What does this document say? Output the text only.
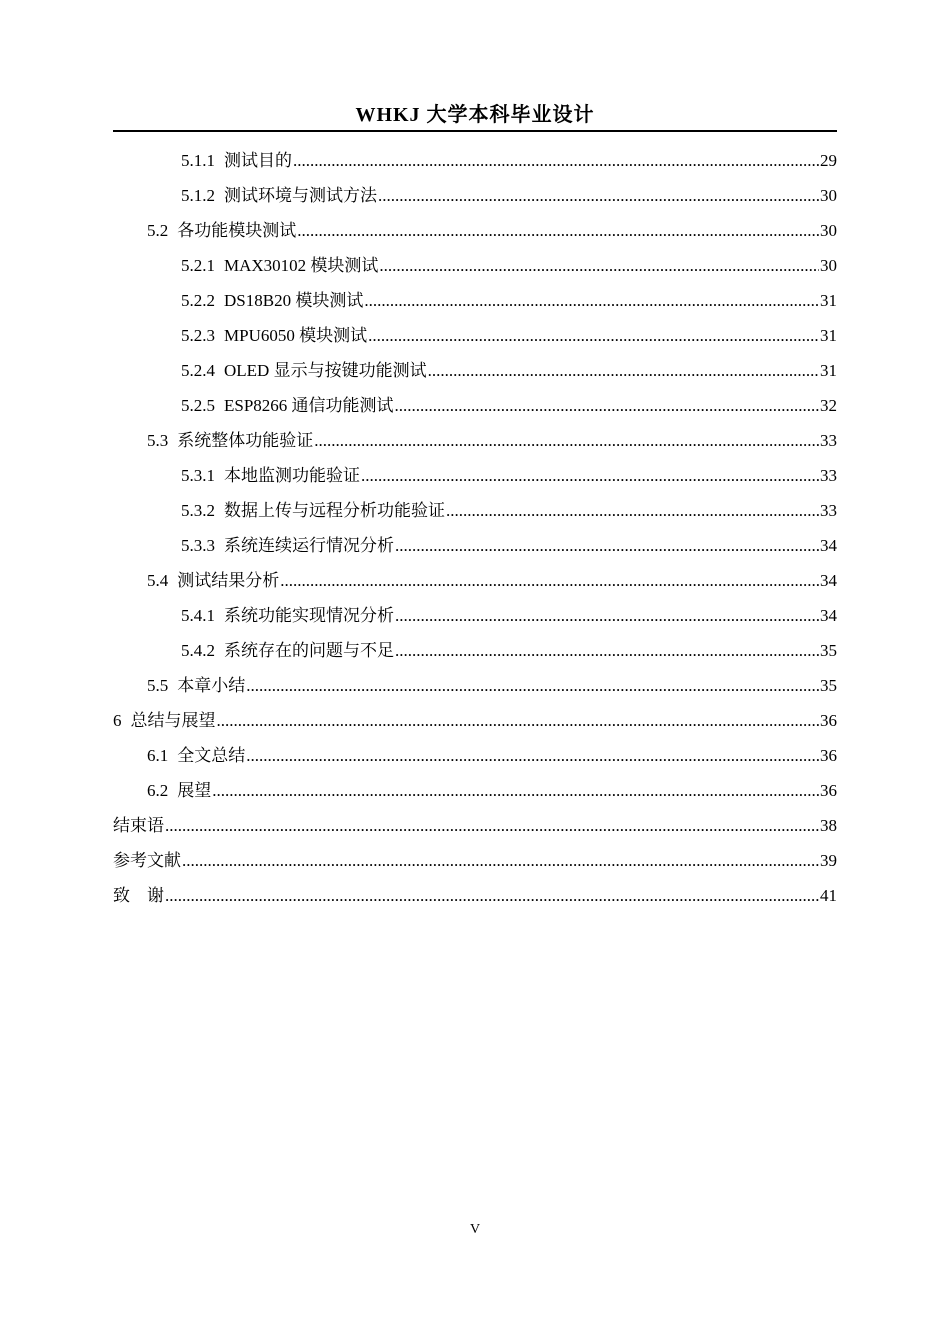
WHKJ 大学本科毕业设计
5.1.1 测试目的 .....	29
5.1.2 测试环境与测试方法 .....	30
5.2 各功能模块测试 .....	30
5.2.1 MAX30102 模块测试 .....	30
5.2.2 DS18B20 模块测试 .....	31
5.2.3 MPU6050 模块测试 .....	31
5.2.4 OLED 显示与按键功能测试 .....	31
5.2.5 ESP8266 通信功能测试 .....	32
5.3 系统整体功能验证 .....	33
5.3.1 本地监测功能验证 .....	33
5.3.2 数据上传与远程分析功能验证 .....	33
5.3.3 系统连续运行情况分析 .....	34
5.4 测试结果分析 .....	34
5.4.1 系统功能实现情况分析 .....	34
5.4.2 系统存在的问题与不足 .....	35
5.5 本章小结 .....	35
6 总结与展望 .....	36
6.1 全文总结 .....	36
6.2 展望 .....	36
结束语 .....	38
参考文献 .....	39
致　谢 .....	41
V
